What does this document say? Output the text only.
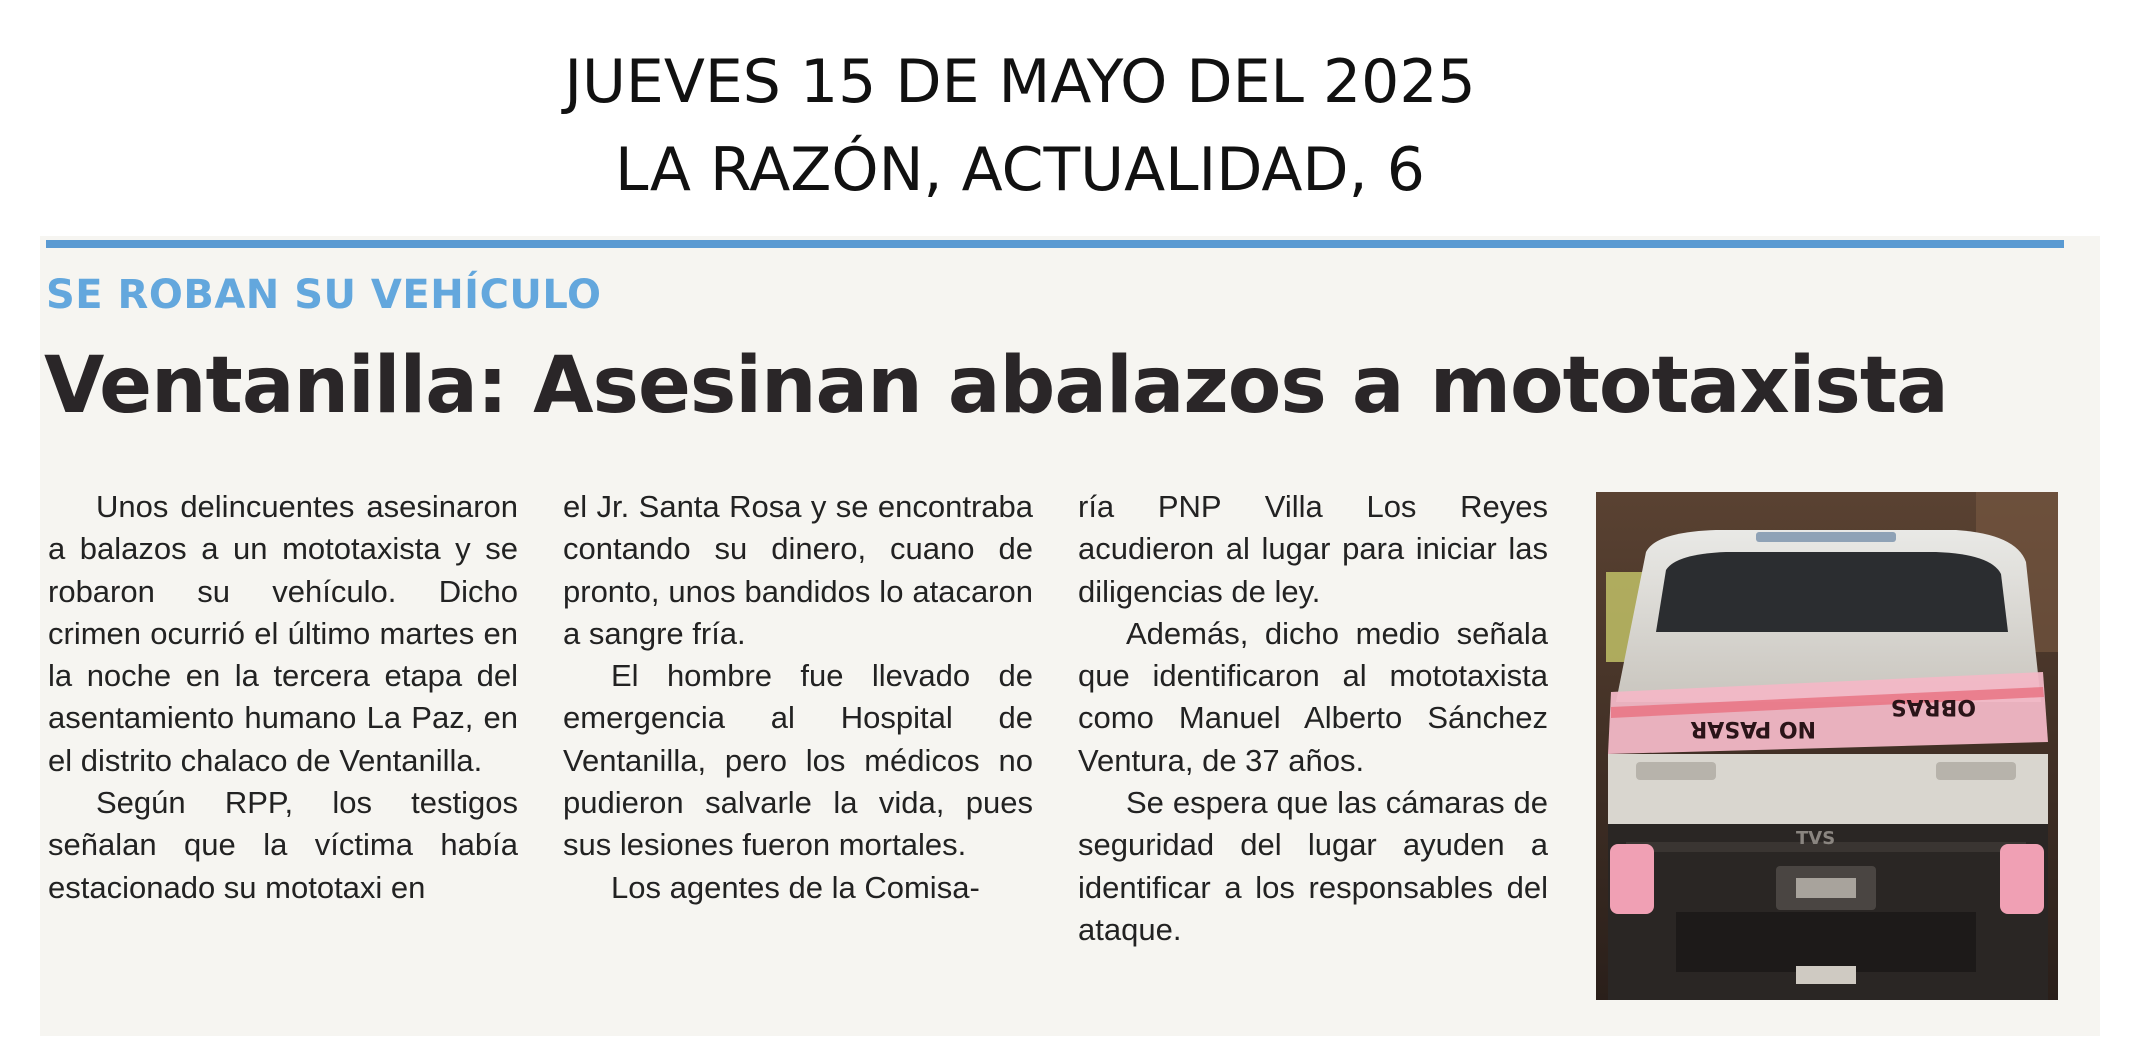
JUEVES 15 DE MAYO DEL 2025
LA RAZÓN, ACTUALIDAD, 6
SE ROBAN SU VEHÍCULO
Ventanilla: Asesinan abalazos a mototaxista

Unos delincuentes asesinaron a balazos a un mototaxista y se robaron su vehículo. Dicho crimen ocurrió el último martes en la noche en la tercera etapa del asentamiento humano La Paz, en el distrito chalaco de Ventanilla.

Según RPP, los testigos señalan que la víctima había estacionado su mototaxi en

el Jr. Santa Rosa y se encontraba contando su dinero, cuano de pronto, unos bandidos lo atacaron a sangre fría.

El hombre fue llevado de emergencia al Hospital de Ventanilla, pero los médicos no pudieron salvarle la vida, pues sus lesiones fueron mortales.

Los agentes de la Comisa-

ría PNP Villa Los Reyes acudieron al lugar para iniciar las diligencias de ley.

Además, dicho medio señala que identificaron al mototaxista como Manuel Alberto Sánchez Ventura, de 37 años.

Se espera que las cámaras de seguridad del lugar ayuden a identificar a los responsables del ataque.

NO PASAR
OBRAS
TVS
